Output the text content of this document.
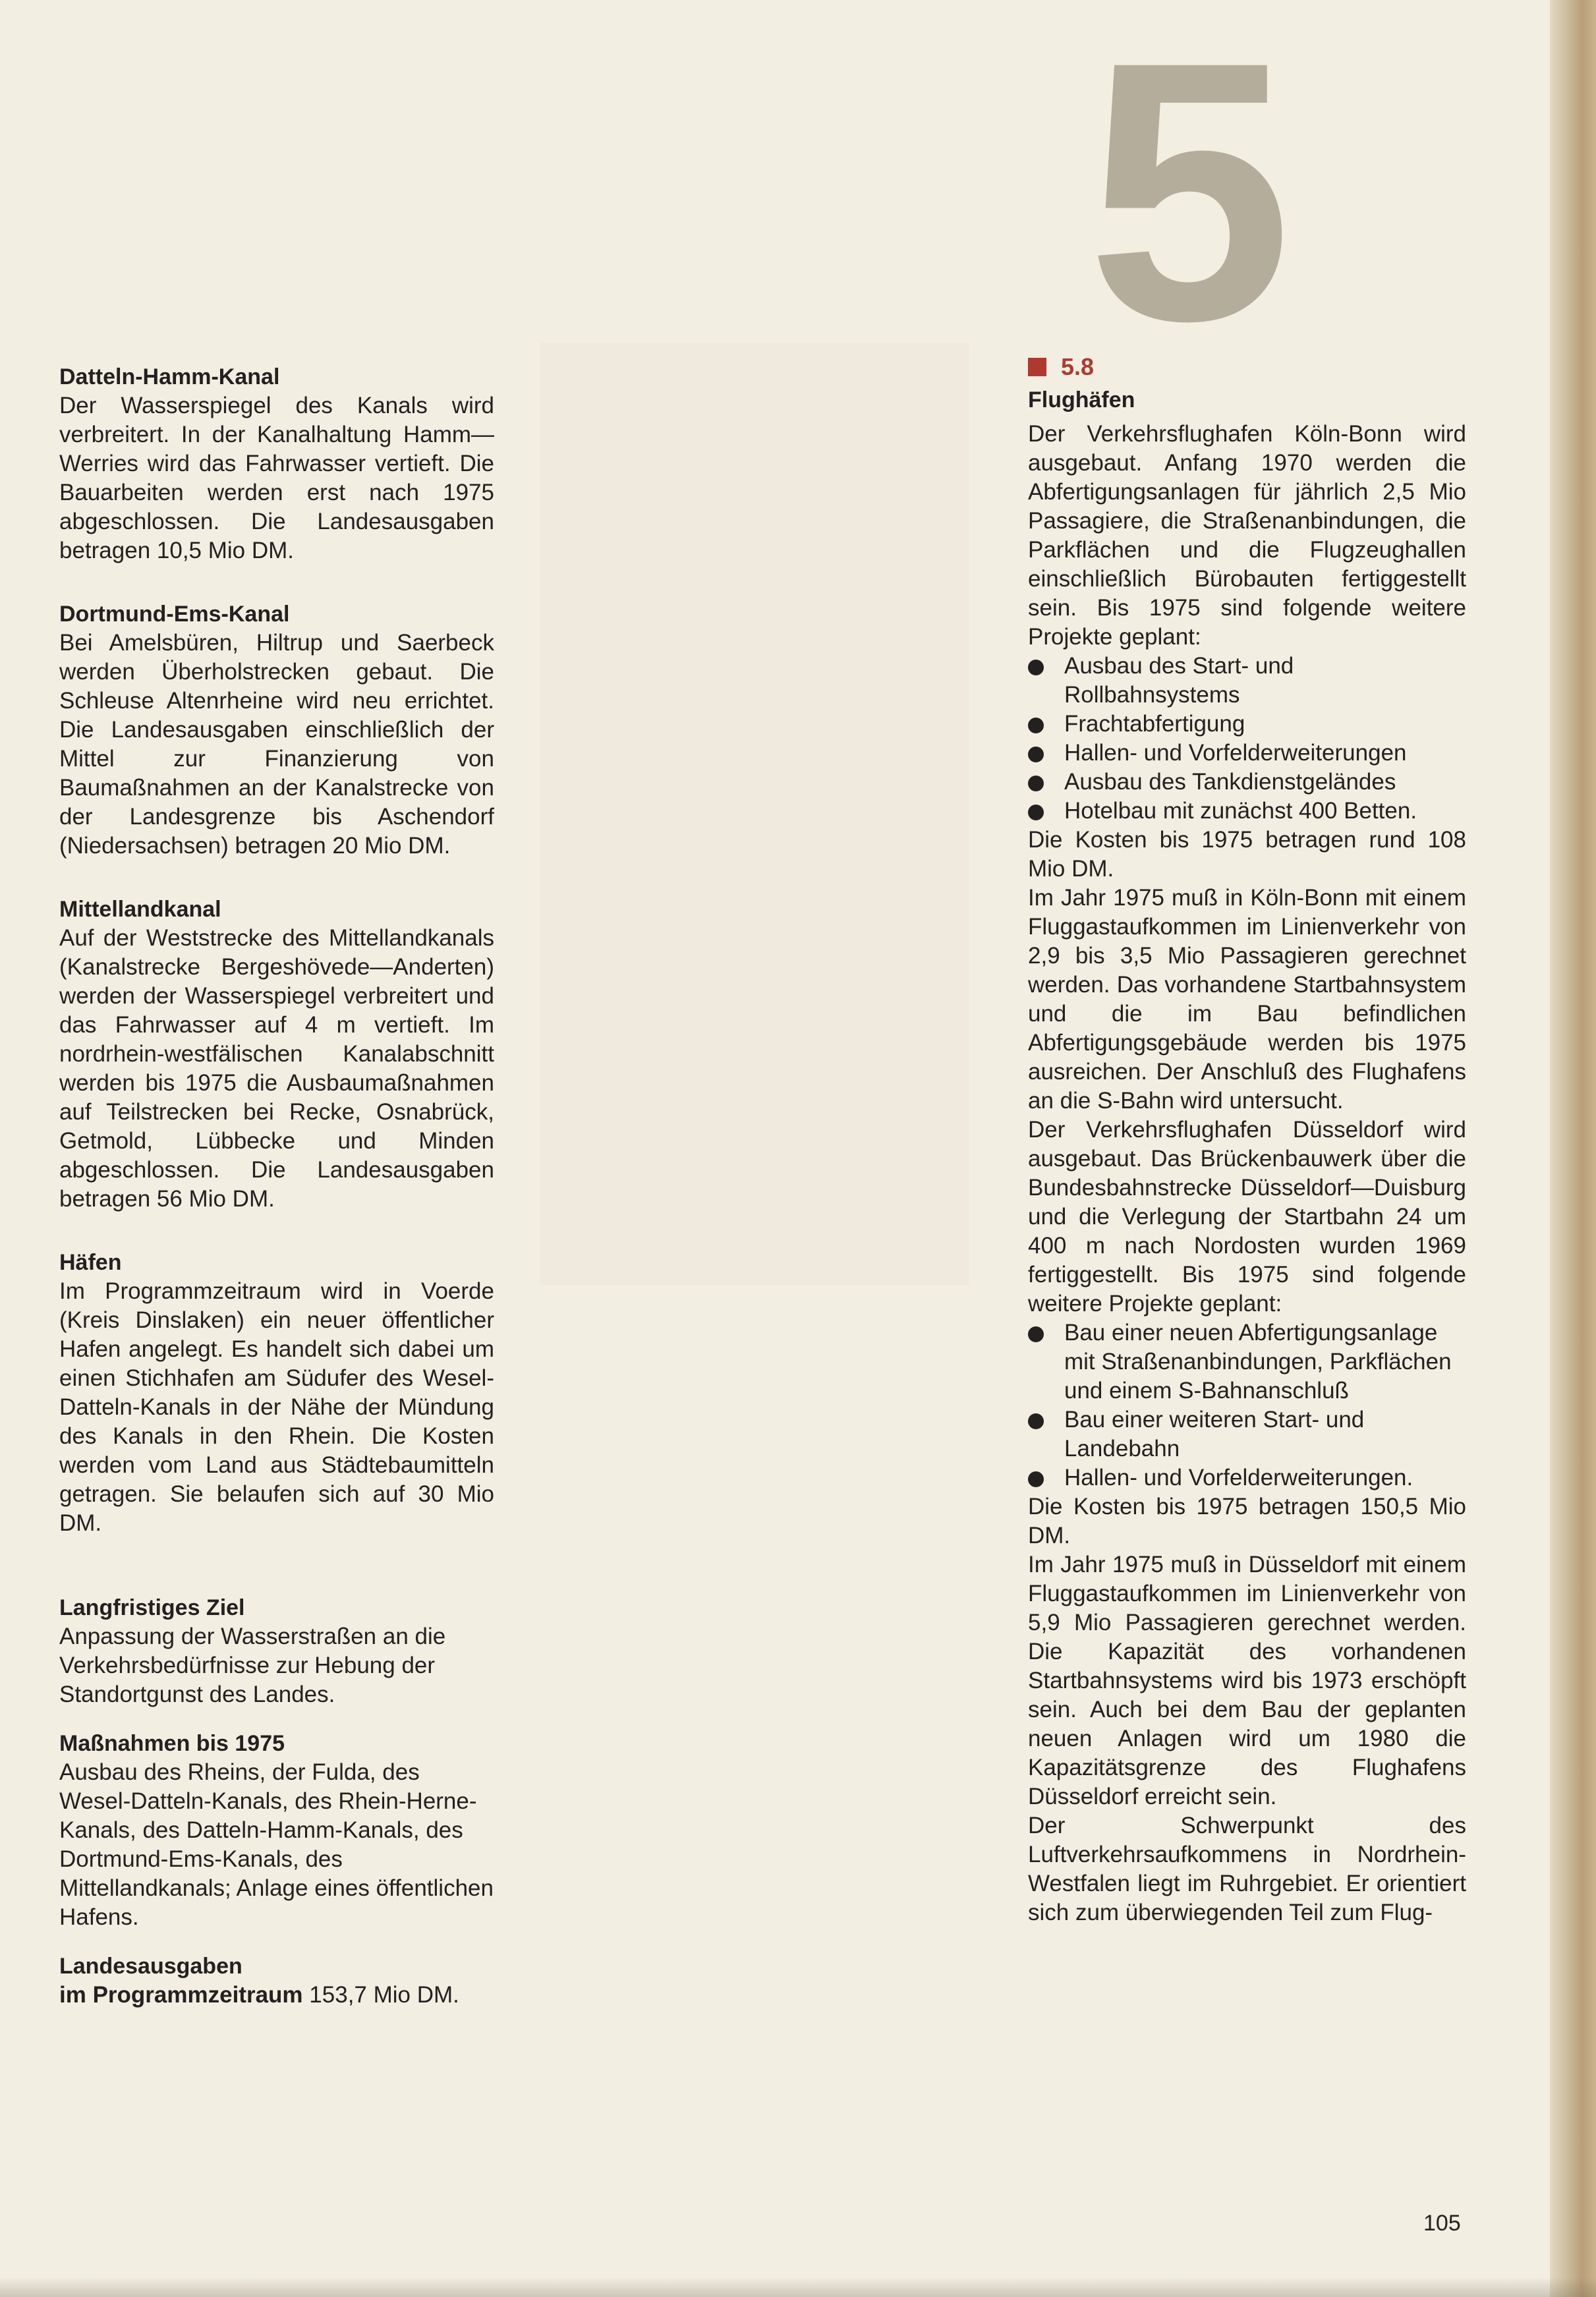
5

Datteln-Hamm-Kanal

Der Wasserspiegel des Kanals wird verbreitert. In der Kanalhaltung Hamm—Werries wird das Fahrwasser vertieft. Die Bauarbeiten werden erst nach 1975 abgeschlossen. Die Landesausgaben betragen 10,5 Mio DM.

Dortmund-Ems-Kanal

Bei Amelsbüren, Hiltrup und Saerbeck werden Überholstrecken gebaut. Die Schleuse Altenrheine wird neu errichtet. Die Landesausgaben einschließlich der Mittel zur Finanzierung von Baumaßnahmen an der Kanalstrecke von der Landesgrenze bis Aschendorf (Niedersachsen) betragen 20 Mio DM.

Mittellandkanal

Auf der Weststrecke des Mittellandkanals (Kanalstrecke Bergeshövede—Anderten) werden der Wasserspiegel verbreitert und das Fahrwasser auf 4 m vertieft. Im nordrhein-westfälischen Kanalabschnitt werden bis 1975 die Ausbaumaßnahmen auf Teilstrecken bei Recke, Osnabrück, Getmold, Lübbecke und Minden abgeschlossen. Die Landesausgaben betragen 56 Mio DM.

Häfen

Im Programmzeitraum wird in Voerde (Kreis Dinslaken) ein neuer öffentlicher Hafen angelegt. Es handelt sich dabei um einen Stichhafen am Südufer des Wesel-Datteln-Kanals in der Nähe der Mündung des Kanals in den Rhein. Die Kosten werden vom Land aus Städtebaumitteln getragen. Sie belaufen sich auf 30 Mio DM.

Langfristiges Ziel

Anpassung der Wasserstraßen an die Verkehrsbedürfnisse zur Hebung der Standortgunst des Landes.

Maßnahmen bis 1975

Ausbau des Rheins, der Fulda, des Wesel-Datteln-Kanals, des Rhein-Herne-Kanals, des Datteln-Hamm-Kanals, des Dortmund-Ems-Kanals, des Mittellandkanals; Anlage eines öffentlichen Hafens.

Landesausgaben

im Programmzeitraum 153,7 Mio DM.

5.8

Flughäfen

Der Verkehrsflughafen Köln-Bonn wird ausgebaut. Anfang 1970 werden die Abfertigungsanlagen für jährlich 2,5 Mio Passagiere, die Straßenanbindungen, die Parkflächen und die Flugzeughallen einschließlich Bürobauten fertiggestellt sein. Bis 1975 sind folgende weitere Projekte geplant:

Ausbau des Start- und Rollbahnsystems
Frachtabfertigung
Hallen- und Vorfelderweiterungen
Ausbau des Tankdienstgeländes
Hotelbau mit zunächst 400 Betten.

Die Kosten bis 1975 betragen rund 108 Mio DM.

Im Jahr 1975 muß in Köln-Bonn mit einem Fluggastaufkommen im Linienverkehr von 2,9 bis 3,5 Mio Passagieren gerechnet werden. Das vorhandene Startbahnsystem und die im Bau befindlichen Abfertigungsgebäude werden bis 1975 ausreichen. Der Anschluß des Flughafens an die S-Bahn wird untersucht.

Der Verkehrsflughafen Düsseldorf wird ausgebaut. Das Brückenbauwerk über die Bundesbahnstrecke Düsseldorf—Duisburg und die Verlegung der Startbahn 24 um 400 m nach Nordosten wurden 1969 fertiggestellt. Bis 1975 sind folgende weitere Projekte geplant:

Bau einer neuen Abfertigungsanlage mit Straßenanbindungen, Parkflächen und einem S-Bahnanschluß
Bau einer weiteren Start- und Landebahn
Hallen- und Vorfelderweiterungen.

Die Kosten bis 1975 betragen 150,5 Mio DM.

Im Jahr 1975 muß in Düsseldorf mit einem Fluggastaufkommen im Linienverkehr von 5,9 Mio Passagieren gerechnet werden. Die Kapazität des vorhandenen Startbahnsystems wird bis 1973 erschöpft sein. Auch bei dem Bau der geplanten neuen Anlagen wird um 1980 die Kapazitätsgrenze des Flughafens Düsseldorf erreicht sein.

Der Schwerpunkt des Luftverkehrsaufkommens in Nordrhein-Westfalen liegt im Ruhrgebiet. Er orientiert sich zum überwiegenden Teil zum Flug-

105
